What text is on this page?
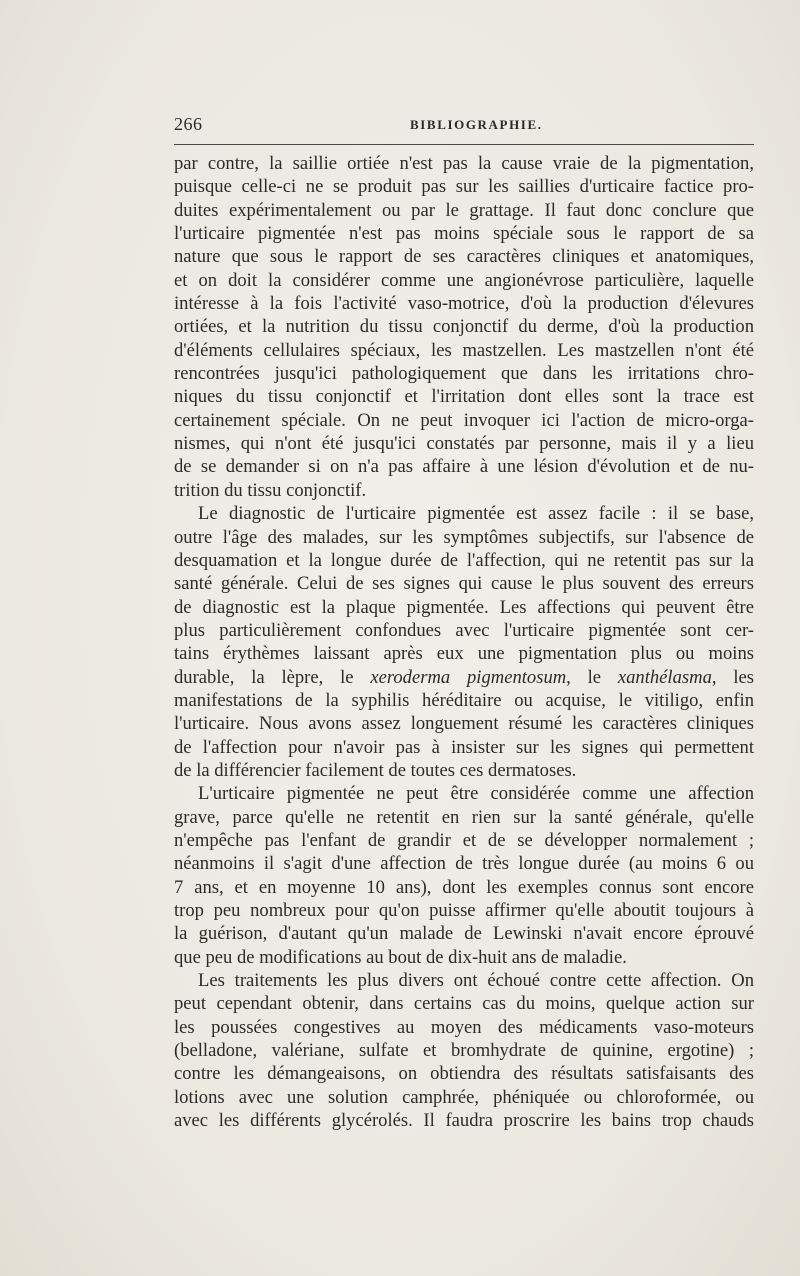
266	BIBLIOGRAPHIE.
par contre, la saillie ortiée n'est pas la cause vraie de la pigmentation,
puisque celle-ci ne se produit pas sur les saillies d'urticaire factice pro-
duites expérimentalement ou par le grattage. Il faut donc conclure que
l'urticaire pigmentée n'est pas moins spéciale sous le rapport de sa
nature que sous le rapport de ses caractères cliniques et anatomiques,
et on doit la considérer comme une angionévrose particulière, laquelle
intéresse à la fois l'activité vaso-motrice, d'où la production d'élevures
ortiées, et la nutrition du tissu conjonctif du derme, d'où la production
d'éléments cellulaires spéciaux, les mastzellen. Les mastzellen n'ont été
rencontrées jusqu'ici pathologiquement que dans les irritations chro-
niques du tissu conjonctif et l'irritation dont elles sont la trace est
certainement spéciale. On ne peut invoquer ici l'action de micro-orga-
nismes, qui n'ont été jusqu'ici constatés par personne, mais il y a lieu
de se demander si on n'a pas affaire à une lésion d'évolution et de nu-
trition du tissu conjonctif.
Le diagnostic de l'urticaire pigmentée est assez facile : il se base,
outre l'âge des malades, sur les symptômes subjectifs, sur l'absence de
desquamation et la longue durée de l'affection, qui ne retentit pas sur la
santé générale. Celui de ses signes qui cause le plus souvent des erreurs
de diagnostic est la plaque pigmentée. Les affections qui peuvent être
plus particulièrement confondues avec l'urticaire pigmentée sont cer-
tains érythèmes laissant après eux une pigmentation plus ou moins
durable, la lèpre, le xeroderma pigmentosum, le xanthélasma, les
manifestations de la syphilis héréditaire ou acquise, le vitiligo, enfin
l'urticaire. Nous avons assez longuement résumé les caractères cliniques
de l'affection pour n'avoir pas à insister sur les signes qui permettent
de la différencier facilement de toutes ces dermatoses.
L'urticaire pigmentée ne peut être considérée comme une affection
grave, parce qu'elle ne retentit en rien sur la santé générale, qu'elle
n'empêche pas l'enfant de grandir et de se développer normalement ;
néanmoins il s'agit d'une affection de très longue durée (au moins 6 ou
7 ans, et en moyenne 10 ans), dont les exemples connus sont encore
trop peu nombreux pour qu'on puisse affirmer qu'elle aboutit toujours à
la guérison, d'autant qu'un malade de Lewinski n'avait encore éprouvé
que peu de modifications au bout de dix-huit ans de maladie.
Les traitements les plus divers ont échoué contre cette affection. On
peut cependant obtenir, dans certains cas du moins, quelque action sur
les poussées congestives au moyen des médicaments vaso-moteurs
(belladone, valériane, sulfate et bromhydrate de quinine, ergotine) ;
contre les démangeaisons, on obtiendra des résultats satisfaisants des
lotions avec une solution camphrée, phéniquée ou chloroformée, ou
avec les différents glycérolés. Il faudra proscrire les bains trop chauds
